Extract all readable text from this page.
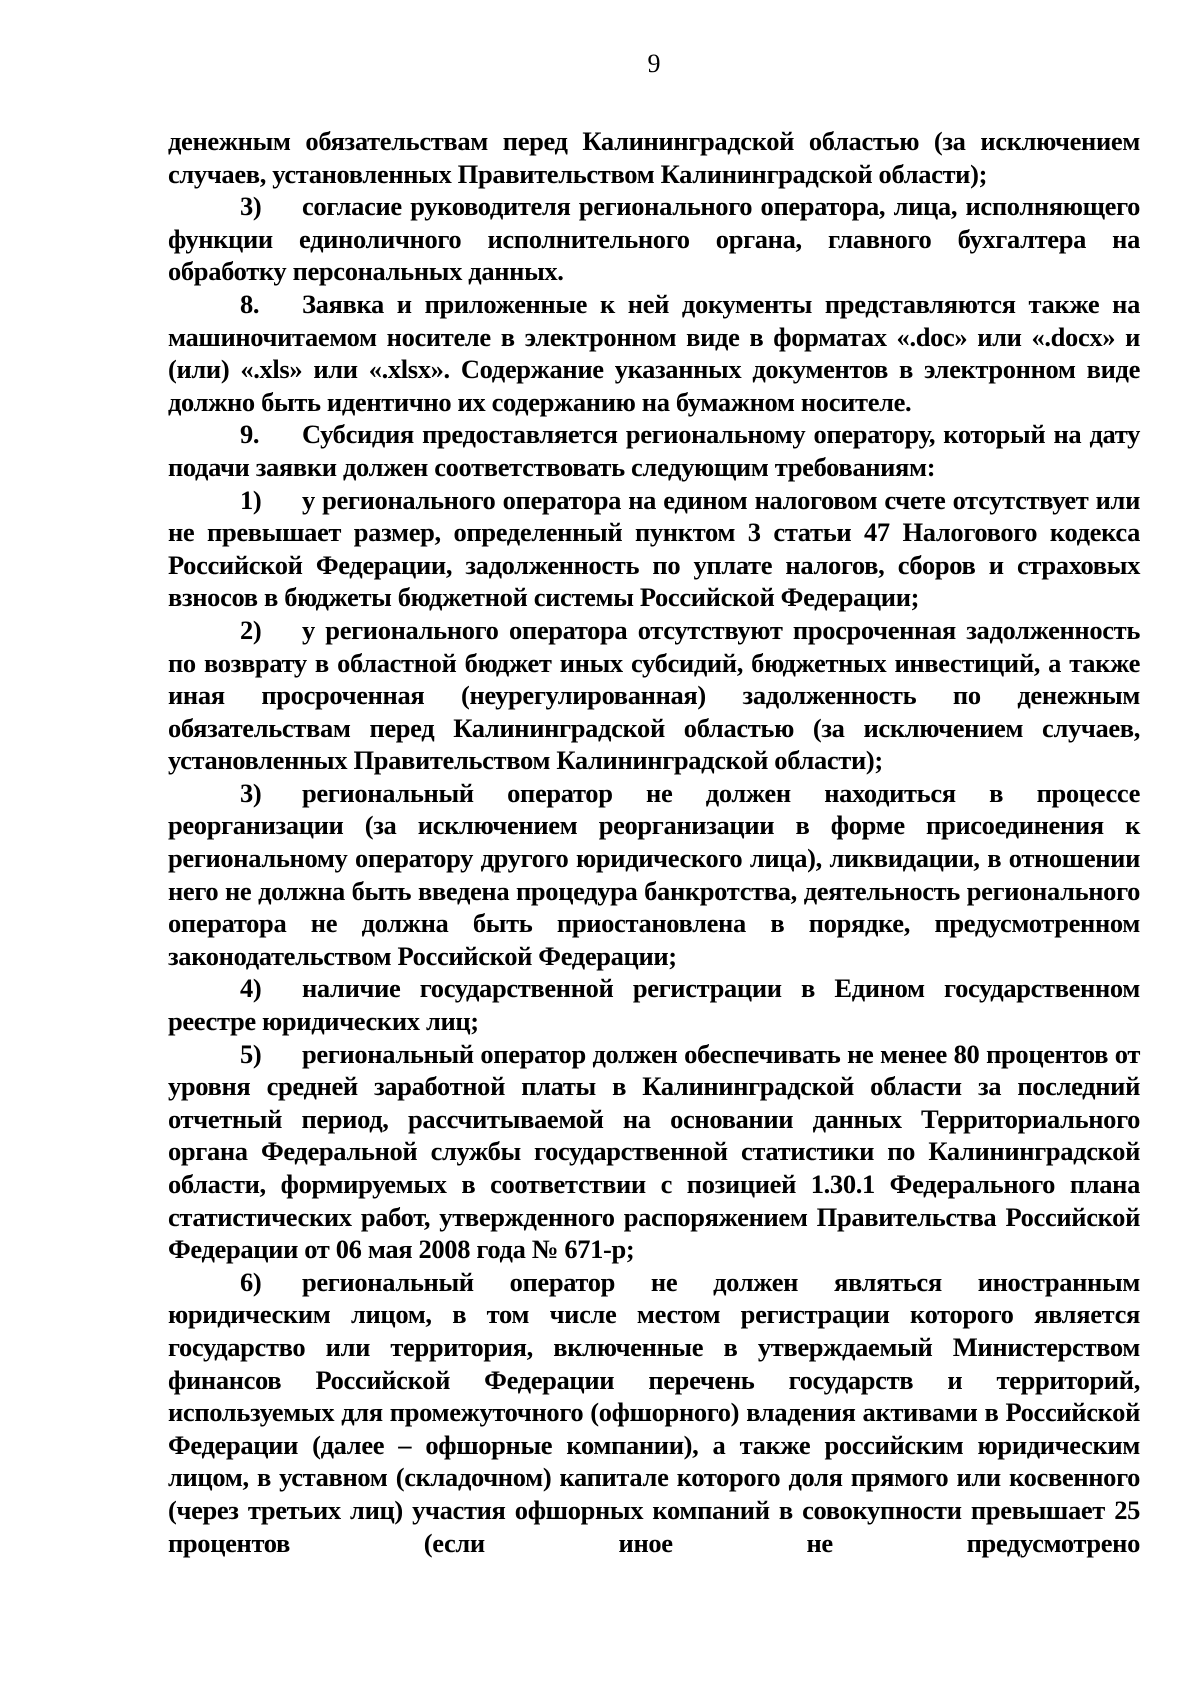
9

денежным обязательствам перед Калининградской областью (за исключением случаев, установленных Правительством Калининградской области);

3) согласие руководителя регионального оператора, лица, исполняющего функции единоличного исполнительного органа, главного бухгалтера на обработку персональных данных.

8. Заявка и приложенные к ней документы представляются также на машиночитаемом носителе в электронном виде в форматах «.doc» или «.docx» и (или) «.xls» или «.xlsx». Содержание указанных документов в электронном виде должно быть идентично их содержанию на бумажном носителе.

9. Субсидия предоставляется региональному оператору, который на дату подачи заявки должен соответствовать следующим требованиям:

1) у регионального оператора на едином налоговом счете отсутствует или не превышает размер, определенный пунктом 3 статьи 47 Налогового кодекса Российской Федерации, задолженность по уплате налогов, сборов и страховых взносов в бюджеты бюджетной системы Российской Федерации;

2) у регионального оператора отсутствуют просроченная задолженность по возврату в областной бюджет иных субсидий, бюджетных инвестиций, а также иная просроченная (неурегулированная) задолженность по денежным обязательствам перед Калининградской областью (за исключением случаев, установленных Правительством Калининградской области);

3) региональный оператор не должен находиться в процессе реорганизации (за исключением реорганизации в форме присоединения к региональному оператору другого юридического лица), ликвидации, в отношении него не должна быть введена процедура банкротства, деятельность регионального оператора не должна быть приостановлена в порядке, предусмотренном законодательством Российской Федерации;

4) наличие государственной регистрации в Едином государственном реестре юридических лиц;

5) региональный оператор должен обеспечивать не менее 80 процентов от уровня средней заработной платы в Калининградской области за последний отчетный период, рассчитываемой на основании данных Территориального органа Федеральной службы государственной статистики по Калининградской области, формируемых в соответствии с позицией 1.30.1 Федерального плана статистических работ, утвержденного распоряжением Правительства Российской Федерации от 06 мая 2008 года № 671-р;

6) региональный оператор не должен являться иностранным юридическим лицом, в том числе местом регистрации которого является государство или территория, включенные в утверждаемый Министерством финансов Российской Федерации перечень государств и территорий, используемых для промежуточного (офшорного) владения активами в Российской Федерации (далее – офшорные компании), а также российским юридическим лицом, в уставном (складочном) капитале которого доля прямого или косвенного (через третьих лиц) участия офшорных компаний в совокупности превышает 25 процентов (если иное не предусмотрено
